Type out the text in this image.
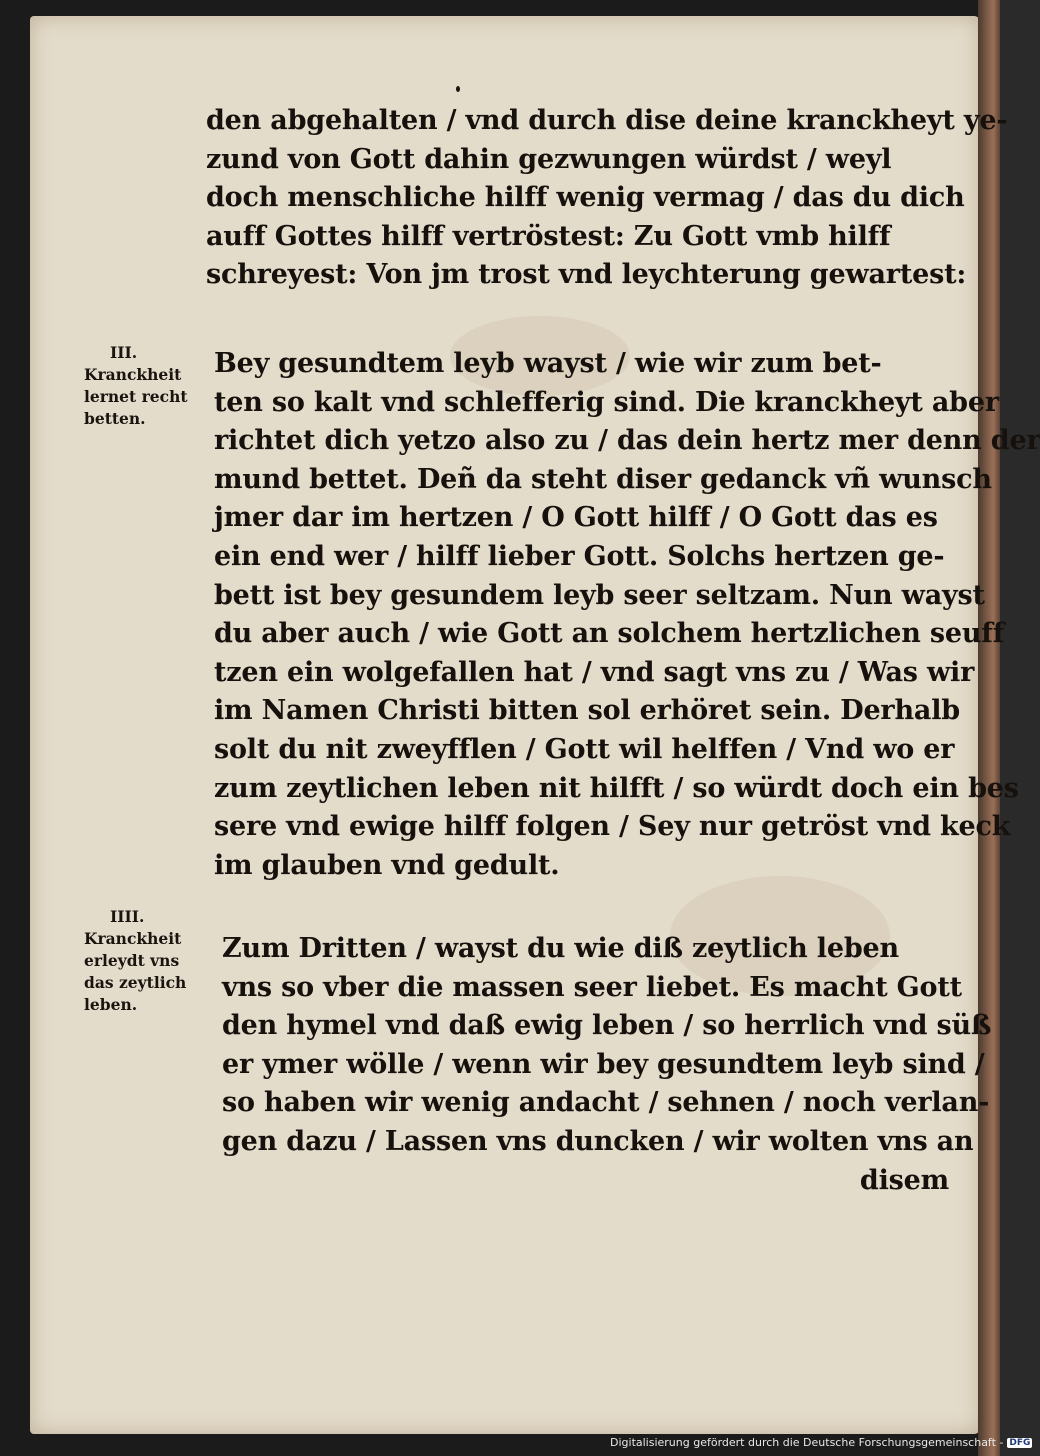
den abgehalten / vnd durch dise deine kranckheyt ye-
zund von Gott dahin gezwungen würdst / weyl
doch menschliche hilff wenig vermag / das du dich
auff Gottes hilff vertröstest: Zu Gott vmb hilff
schreyest: Von jm trost vnd leychterung gewartest:
III.
Kranckheit
lernet recht
betten.
Bey gesundtem leyb wayst / wie wir zum bet-
ten so kalt vnd schlefferig sind. Die kranckheyt aber
richtet dich yetzo also zu / das dein hertz mer denn der
mund bettet. Deñ da steht diser gedanck vñ wunsch
jmer dar im hertzen / O Gott hilff / O Gott das es
ein end wer / hilff lieber Gott. Solchs hertzen ge-
bett ist bey gesundem leyb seer seltzam. Nun wayst
du aber auch / wie Gott an solchem hertzlichen seuff
tzen ein wolgefallen hat / vnd sagt vns zu / Was wir
im Namen Christi bitten sol erhöret sein. Derhalb
solt du nit zweyfflen / Gott wil helffen / Vnd wo er
zum zeytlichen leben nit hilfft / so würdt doch ein bes
sere vnd ewige hilff folgen / Sey nur getröst vnd keck
im glauben vnd gedult.
IIII.
Kranckheit
erleydt vns
das zeytlich
leben.
Zum Dritten / wayst du wie diß zeytlich leben
vns so vber die massen seer liebet. Es macht Gott
den hymel vnd daß ewig leben / so herrlich vnd süß
er ymer wölle / wenn wir bey gesundtem leyb sind /
so haben wir wenig andacht / sehnen / noch verlan-
gen dazu / Lassen vns duncken / wir wolten vns an
disem
Digitalisierung gefördert durch die Deutsche Forschungsgemeinschaft - DFG
